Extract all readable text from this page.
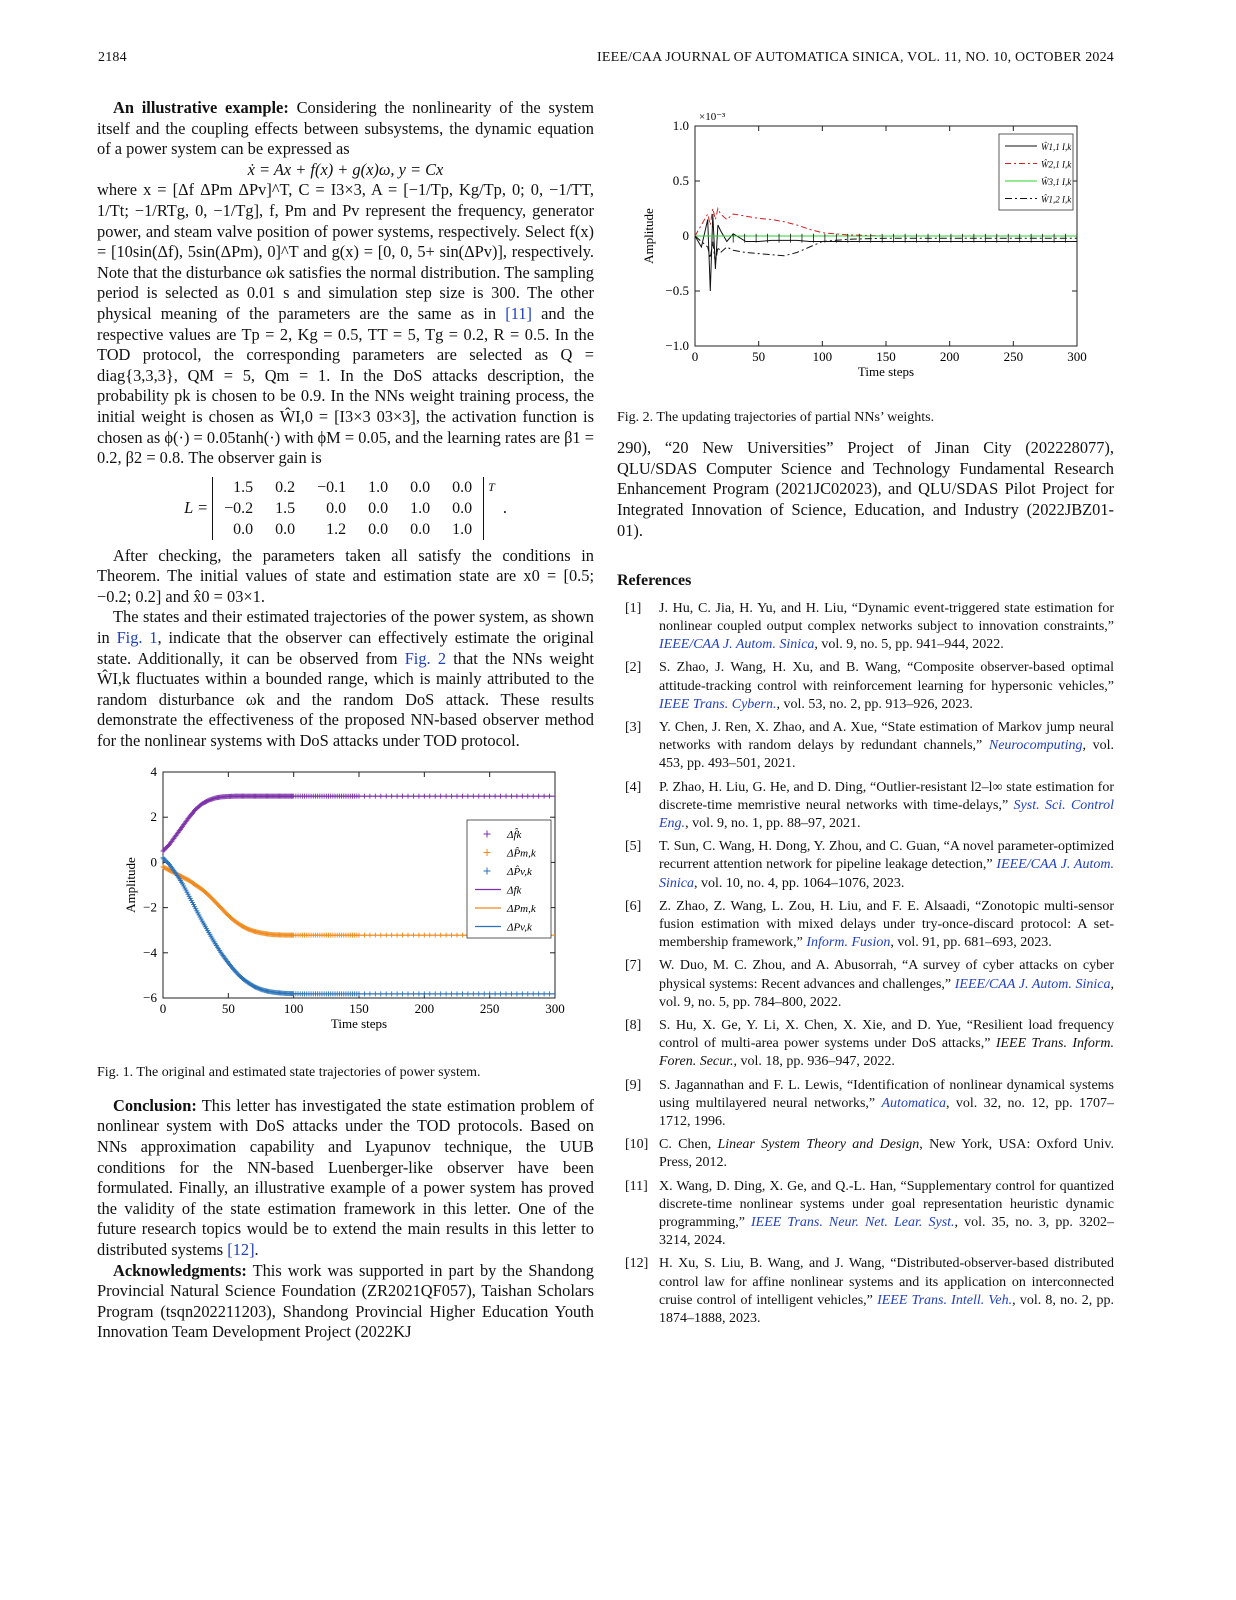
2184	IEEE/CAA JOURNAL OF AUTOMATICA SINICA, VOL. 11, NO. 10, OCTOBER 2024

An illustrative example: Considering the nonlinearity of the system itself and the coupling effects between subsystems, the dynamic equation of a power system can be expressed as

ẋ = Ax + f(x) + g(x)ω, y = Cx

where x = [Δf ΔPm ΔPv]^T, C = I3×3, A = [−1/Tp, Kg/Tp, 0; 0, −1/TT, 1/Tt; −1/RTg, 0, −1/Tg], f, Pm and Pv represent the frequency, generator power, and steam valve position of power systems, respectively. Select f(x) = [10sin(Δf), 5sin(ΔPm), 0]^T and g(x) = [0, 0, 5+ sin(ΔPv)], respectively. Note that the disturbance ωk satisfies the normal distribution. The sampling period is selected as 0.01 s and simulation step size is 300. The other physical meaning of the parameters are the same as in [11] and the respective values are Tp = 2, Kg = 0.5, TT = 5, Tg = 0.2, R = 0.5. In the TOD protocol, the corresponding parameters are selected as Q = diag{3,3,3}, QM = 5, Qm = 1. In the DoS attacks description, the probability pk is chosen to be 0.9. In the NNs weight training process, the initial weight is chosen as ŴI,0 = [I3×3 03×3], the activation function is chosen as ϕ(·) = 0.05tanh(·) with ϕM = 0.05, and the learning rates are β1 = 0.2, β2 = 0.8. The observer gain is

L =
1.5	0.2	−0.1	1.0	0.0	0.0
−0.2	1.5	0.0	0.0	1.0	0.0
0.0	0.0	1.2	0.0	0.0	1.0
T
.

After checking, the parameters taken all satisfy the conditions in Theorem. The initial values of state and estimation state are x0 = [0.5; −0.2; 0.2] and x̂0 = 03×1.

The states and their estimated trajectories of the power system, as shown in Fig. 1, indicate that the observer can effectively estimate the original state. Additionally, it can be observed from Fig. 2 that the NNs weight ŴI,k fluctuates within a bounded range, which is mainly attributed to the random disturbance ωk and the random DoS attack. These results demonstrate the effectiveness of the proposed NN-based observer method for the nonlinear systems with DoS attacks under TOD protocol.

0	50	100	150	200	250	300
4
2
0
−2
−4
−6
Time steps
Amplitude
Δf̂k
ΔP̂m,k
ΔP̂v,k
Δfk
ΔPm,k
ΔPv,k

Fig. 1. The original and estimated state trajectories of power system.

Conclusion: This letter has investigated the state estimation problem of nonlinear system with DoS attacks under the TOD protocols. Based on NNs approximation capability and Lyapunov technique, the UUB conditions for the NN-based Luenberger-like observer have been formulated. Finally, an illustrative example of a power system has proved the validity of the state estimation framework in this letter. One of the future research topics would be to extend the main results in this letter to distributed systems [12].

Acknowledgments: This work was supported in part by the Shandong Provincial Natural Science Foundation (ZR2021QF057), Taishan Scholars Program (tsqn202211203), Shandong Provincial Higher Education Youth Innovation Team Development Project (2022KJ

0	50	100	150	200	250	300
1.0
0.5
0
−0.5
−1.0
Time steps
Amplitude
×10⁻³
Ŵ1,1 I,k
Ŵ2,1 I,k
Ŵ3,1 I,k
Ŵ1,2 I,k

Fig. 2. The updating trajectories of partial NNs’ weights.

290), “20 New Universities” Project of Jinan City (202228077), QLU/SDAS Computer Science and Technology Fundamental Research Enhancement Program (2021JC02023), and QLU/SDAS Pilot Project for Integrated Innovation of Science, Education, and Industry (2022JBZ01-01).

References
[1]	J. Hu, C. Jia, H. Yu, and H. Liu, “Dynamic event-triggered state estimation for nonlinear coupled output complex networks subject to innovation constraints,” IEEE/CAA J. Autom. Sinica, vol. 9, no. 5, pp. 941–944, 2022.
[2]	S. Zhao, J. Wang, H. Xu, and B. Wang, “Composite observer-based optimal attitude-tracking control with reinforcement learning for hypersonic vehicles,” IEEE Trans. Cybern., vol. 53, no. 2, pp. 913–926, 2023.
[3]	Y. Chen, J. Ren, X. Zhao, and A. Xue, “State estimation of Markov jump neural networks with random delays by redundant channels,” Neurocomputing, vol. 453, pp. 493–501, 2021.
[4]	P. Zhao, H. Liu, G. He, and D. Ding, “Outlier-resistant l2–l∞ state estimation for discrete-time memristive neural networks with time-delays,” Syst. Sci. Control Eng., vol. 9, no. 1, pp. 88–97, 2021.
[5]	T. Sun, C. Wang, H. Dong, Y. Zhou, and C. Guan, “A novel parameter-optimized recurrent attention network for pipeline leakage detection,” IEEE/CAA J. Autom. Sinica, vol. 10, no. 4, pp. 1064–1076, 2023.
[6]	Z. Zhao, Z. Wang, L. Zou, H. Liu, and F. E. Alsaadi, “Zonotopic multi-sensor fusion estimation with mixed delays under try-once-discard protocol: A set-membership framework,” Inform. Fusion, vol. 91, pp. 681–693, 2023.
[7]	W. Duo, M. C. Zhou, and A. Abusorrah, “A survey of cyber attacks on cyber physical systems: Recent advances and challenges,” IEEE/CAA J. Autom. Sinica, vol. 9, no. 5, pp. 784–800, 2022.
[8]	S. Hu, X. Ge, Y. Li, X. Chen, X. Xie, and D. Yue, “Resilient load frequency control of multi-area power systems under DoS attacks,” IEEE Trans. Inform. Foren. Secur., vol. 18, pp. 936–947, 2022.
[9]	S. Jagannathan and F. L. Lewis, “Identification of nonlinear dynamical systems using multilayered neural networks,” Automatica, vol. 32, no. 12, pp. 1707–1712, 1996.
[10] C. Chen, Linear System Theory and Design, New York, USA: Oxford Univ. Press, 2012.
[11] X. Wang, D. Ding, X. Ge, and Q.-L. Han, “Supplementary control for quantized discrete-time nonlinear systems under goal representation heuristic dynamic programming,” IEEE Trans. Neur. Net. Lear. Syst., vol. 35, no. 3, pp. 3202–3214, 2024.
[12] H. Xu, S. Liu, B. Wang, and J. Wang, “Distributed-observer-based distributed control law for affine nonlinear systems and its application on interconnected cruise control of intelligent vehicles,” IEEE Trans. Intell. Veh., vol. 8, no. 2, pp. 1874–1888, 2023.
